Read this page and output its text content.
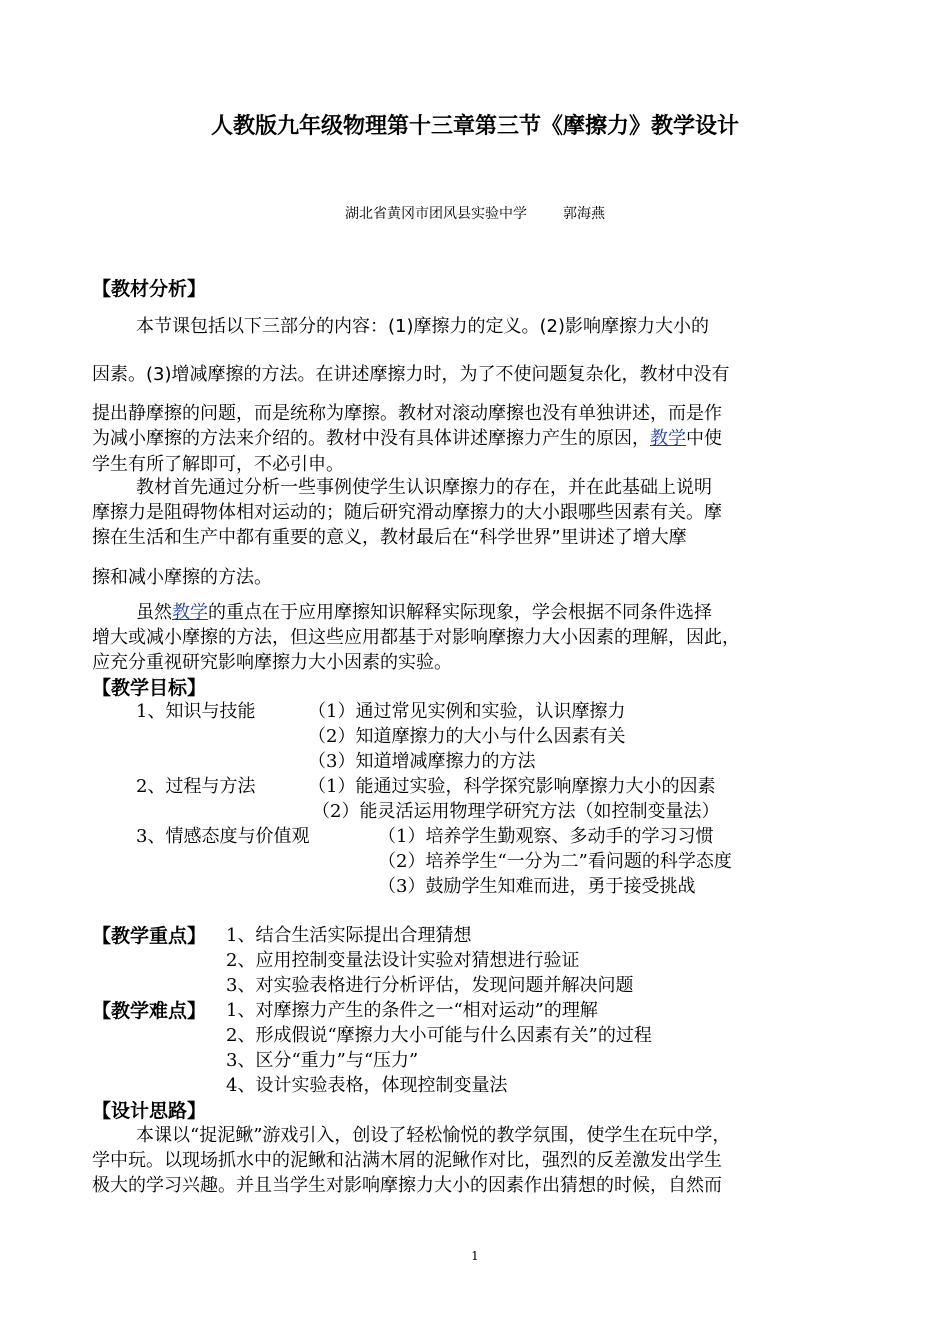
人教版九年级物理第十三章第三节《摩擦力》教学设计
湖北省黄冈市团风县实验中学	郭海燕
【教材分析】
本节课包括以下三部分的内容：(1)摩擦力的定义。(2)影响摩擦力大小的
因素。(3)增减摩擦的方法。在讲述摩擦力时，为了不使问题复杂化，教材中没有
提出静摩擦的问题，而是统称为摩擦。教材对滚动摩擦也没有单独讲述，而是作
为减小摩擦的方法来介绍的。教材中没有具体讲述摩擦力产生的原因，教学中使
学生有所了解即可，不必引申。
教材首先通过分析一些事例使学生认识摩擦力的存在，并在此基础上说明
摩擦力是阻碍物体相对运动的；随后研究滑动摩擦力的大小跟哪些因素有关。摩
擦在生活和生产中都有重要的意义，教材最后在“科学世界”里讲述了增大摩
擦和减小摩擦的方法。
虽然教学的重点在于应用摩擦知识解释实际现象，学会根据不同条件选择
增大或减小摩擦的方法，但这些应用都基于对影响摩擦力大小因素的理解，因此，
应充分重视研究影响摩擦力大小因素的实验。
【教学目标】
1、知识与技能	（1）通过常见实例和实验，认识摩擦力
（2）知道摩擦力的大小与什么因素有关
（3）知道增减摩擦力的方法
2、过程与方法	（1）能通过实验，科学探究影响摩擦力大小的因素
（2）能灵活运用物理学研究方法（如控制变量法）
3、情感态度与价值观	（1）培养学生勤观察、多动手的学习习惯
（2）培养学生“一分为二”看问题的科学态度
（3）鼓励学生知难而进，勇于接受挑战
【教学重点】 1、结合生活实际提出合理猜想
2、应用控制变量法设计实验对猜想进行验证
3、对实验表格进行分析评估，发现问题并解决问题
【教学难点】 1、对摩擦力产生的条件之一“相对运动”的理解
2、形成假说“摩擦力大小可能与什么因素有关”的过程
3、区分“重力”与“压力”
4、设计实验表格，体现控制变量法
【设计思路】
本课以“捉泥鳅”游戏引入，创设了轻松愉悦的教学氛围，使学生在玩中学，
学中玩。以现场抓水中的泥鳅和沾满木屑的泥鳅作对比，强烈的反差激发出学生
极大的学习兴趣。并且当学生对影响摩擦力大小的因素作出猜想的时候，自然而
1
